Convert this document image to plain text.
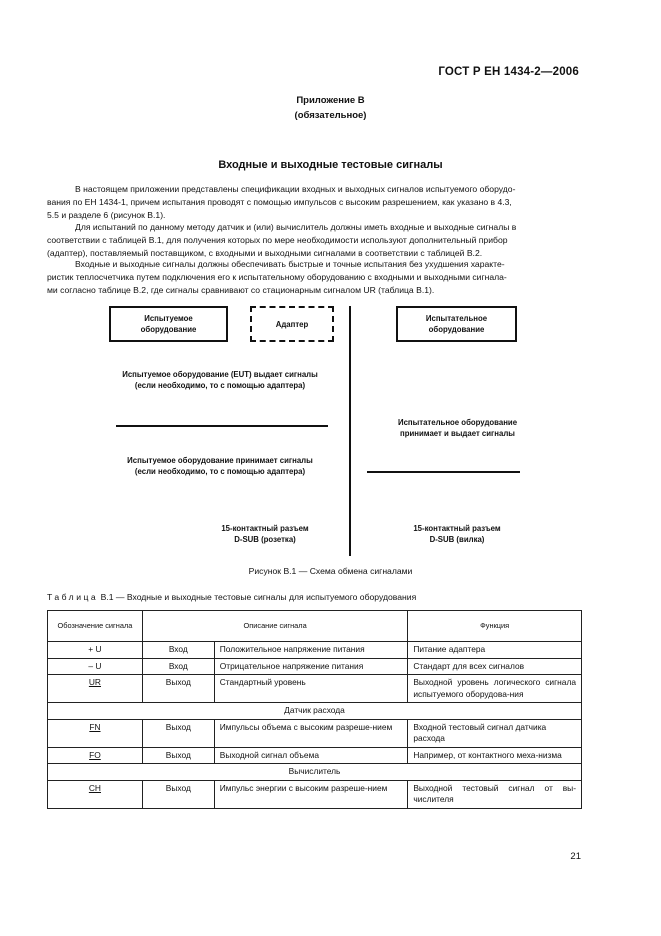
ГОСТ Р ЕН 1434-2—2006
Приложение В
(обязательное)
Входные и выходные тестовые сигналы
В настоящем приложении представлены спецификации входных и выходных сигналов испытуемого оборудо-
вания по ЕН 1434-1, причем испытания проводят с помощью импульсов с высоким разрешением, как указано в 4.3,
5.5 и разделе 6 (рисунок В.1).
Для испытаний по данному методу датчик и (или) вычислитель должны иметь входные и выходные сигналы в
соответствии с таблицей В.1, для получения которых по мере необходимости используют дополнительный прибор
(адаптер), поставляемый поставщиком, с входными и выходными сигналами в соответствии с таблицей В.2.
Входные и выходные сигналы должны обеспечивать быстрые и точные испытания без ухудшения характе-
ристик теплосчетчика путем подключения его к испытательному оборудованию с входными и выходными сигнала-
ми согласно таблице В.2, где сигналы сравнивают со стационарным сигналом UR (таблица В.1).
Испытуемое оборудование
Адаптер
Испытательное оборудование
Испытуемое оборудование (EUT) выдает сигналы
(если необходимо, то с помощью адаптера)
Испытательное оборудование
принимает и выдает сигналы
Испытуемое оборудование принимает сигналы
(если необходимо, то с помощью адаптера)
15-контактный разъем
D-SUB (розетка)
15-контактный разъем
D-SUB (вилка)
Рисунок В.1 — Схема обмена сигналами
Таблица В.1 — Входные и выходные тестовые сигналы для испытуемого оборудования
Обозначение сигнала	Описание сигнала		Функция
+ U	Вход	Положительное напряжение питания	Питание адаптера
– U	Вход	Отрицательное напряжение питания	Стандарт для всех сигналов
UR	Выход	Стандартный уровень	Выходной уровень логического сигнала испытуемого оборудова-ния
Датчик расхода			
FN	Выход	Импульсы объема с высоким разреше-нием	Входной тестовый сигнал датчика расхода
FO	Выход	Выходной сигнал объема	Например, от контактного меха-низма
Вычислитель			
CH	Выход	Импульс энергии с высоким разреше-нием	Выходной тестовый сигнал от вы-числителя
21
